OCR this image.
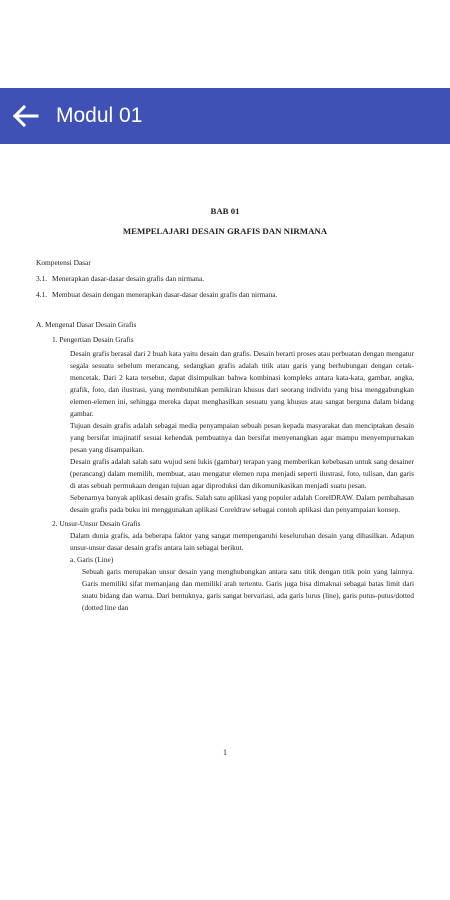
Modul 01
BAB 01
MEMPELAJARI DESAIN GRAFIS DAN NIRMANA
Kompetensi Dasar
3.1. Menerapkan dasar-dasar desain grafis dan nirmana.
4.1. Membuat desain dengan menerapkan dasar-dasar desain grafis dan nirmana.
A. Mengenal Dasar Desain Grafis
1. Pengertian Desain Grafis

Desain grafis berasal dari 2 buah kata yaitu desain dan grafis. Desain berarti proses atau perbuatan dengan mengatur segala sesuatu sebelum merancang, sedangkan grafis adalah titik atau garis yang berhubungan dengan cetak-mencetak. Dari 2 kata tersebut, dapat disimpulkan bahwa kombinasi kompleks antara kata-kata, gambar, angka, grafik, foto, dan ilustrasi, yang membutuhkan pemikiran khusus dari seorang individu yang bisa menggabungkan elemen-elemen ini, sehingga mereka dapat menghasilkan sesuatu yang khusus atau sangat berguna dalam bidang gambar.

Tujuan desain grafis adalah sebagai media penyampaian sebuah pesan kepada masyarakat dan menciptakan desain yang bersifat imajinatif sesuai kehendak pembuatnya dan bersifat menyenangkan agar mampu menyempurnakan pesan yang disampaikan.

Desain grafis adalah salah satu wujud seni lukis (gambar) terapan yang memberikan kebebasan untuk sang desainer (perancang) dalam memilih, membuat, atau mengatur elemen rupa menjadi seperti ilustrasi, foto, tulisan, dan garis di atas sebuah permukaan dengan tujuan agar diproduksi dan dikomunikasikan menjadi suatu pesan.

Sebenarnya banyak aplikasi desain grafis. Salah satu aplikasi yang populer adalah CorelDRAW. Dalam pembahasan desain grafis pada buku ini menggunakan aplikasi Coreldraw sebagai contoh aplikasi dan penyampaian konsep.

2. Unsur-Unsur Desain Grafis

Dalam dunia grafis, ada beberapa faktor yang sangat mempengaruhi keseluruhan desain yang dihasilkan. Adapun unsur-unsur dasar desain grafis antara lain sebagai berikut.

a. Garis (Line)

Sebuah garis merupakan unsur desain yang menghubungkan antara satu titik dengan titik poin yang lainnya. Garis memiliki sifat memanjang dan memiliki arah tertentu. Garis juga bisa dimaknai sebagai batas limit dari suatu bidang dan warna. Dari bentuknya, garis sangat bervariasi, ada garis lurus (line), garis putus-putus/dotted (dotted line dan

1
